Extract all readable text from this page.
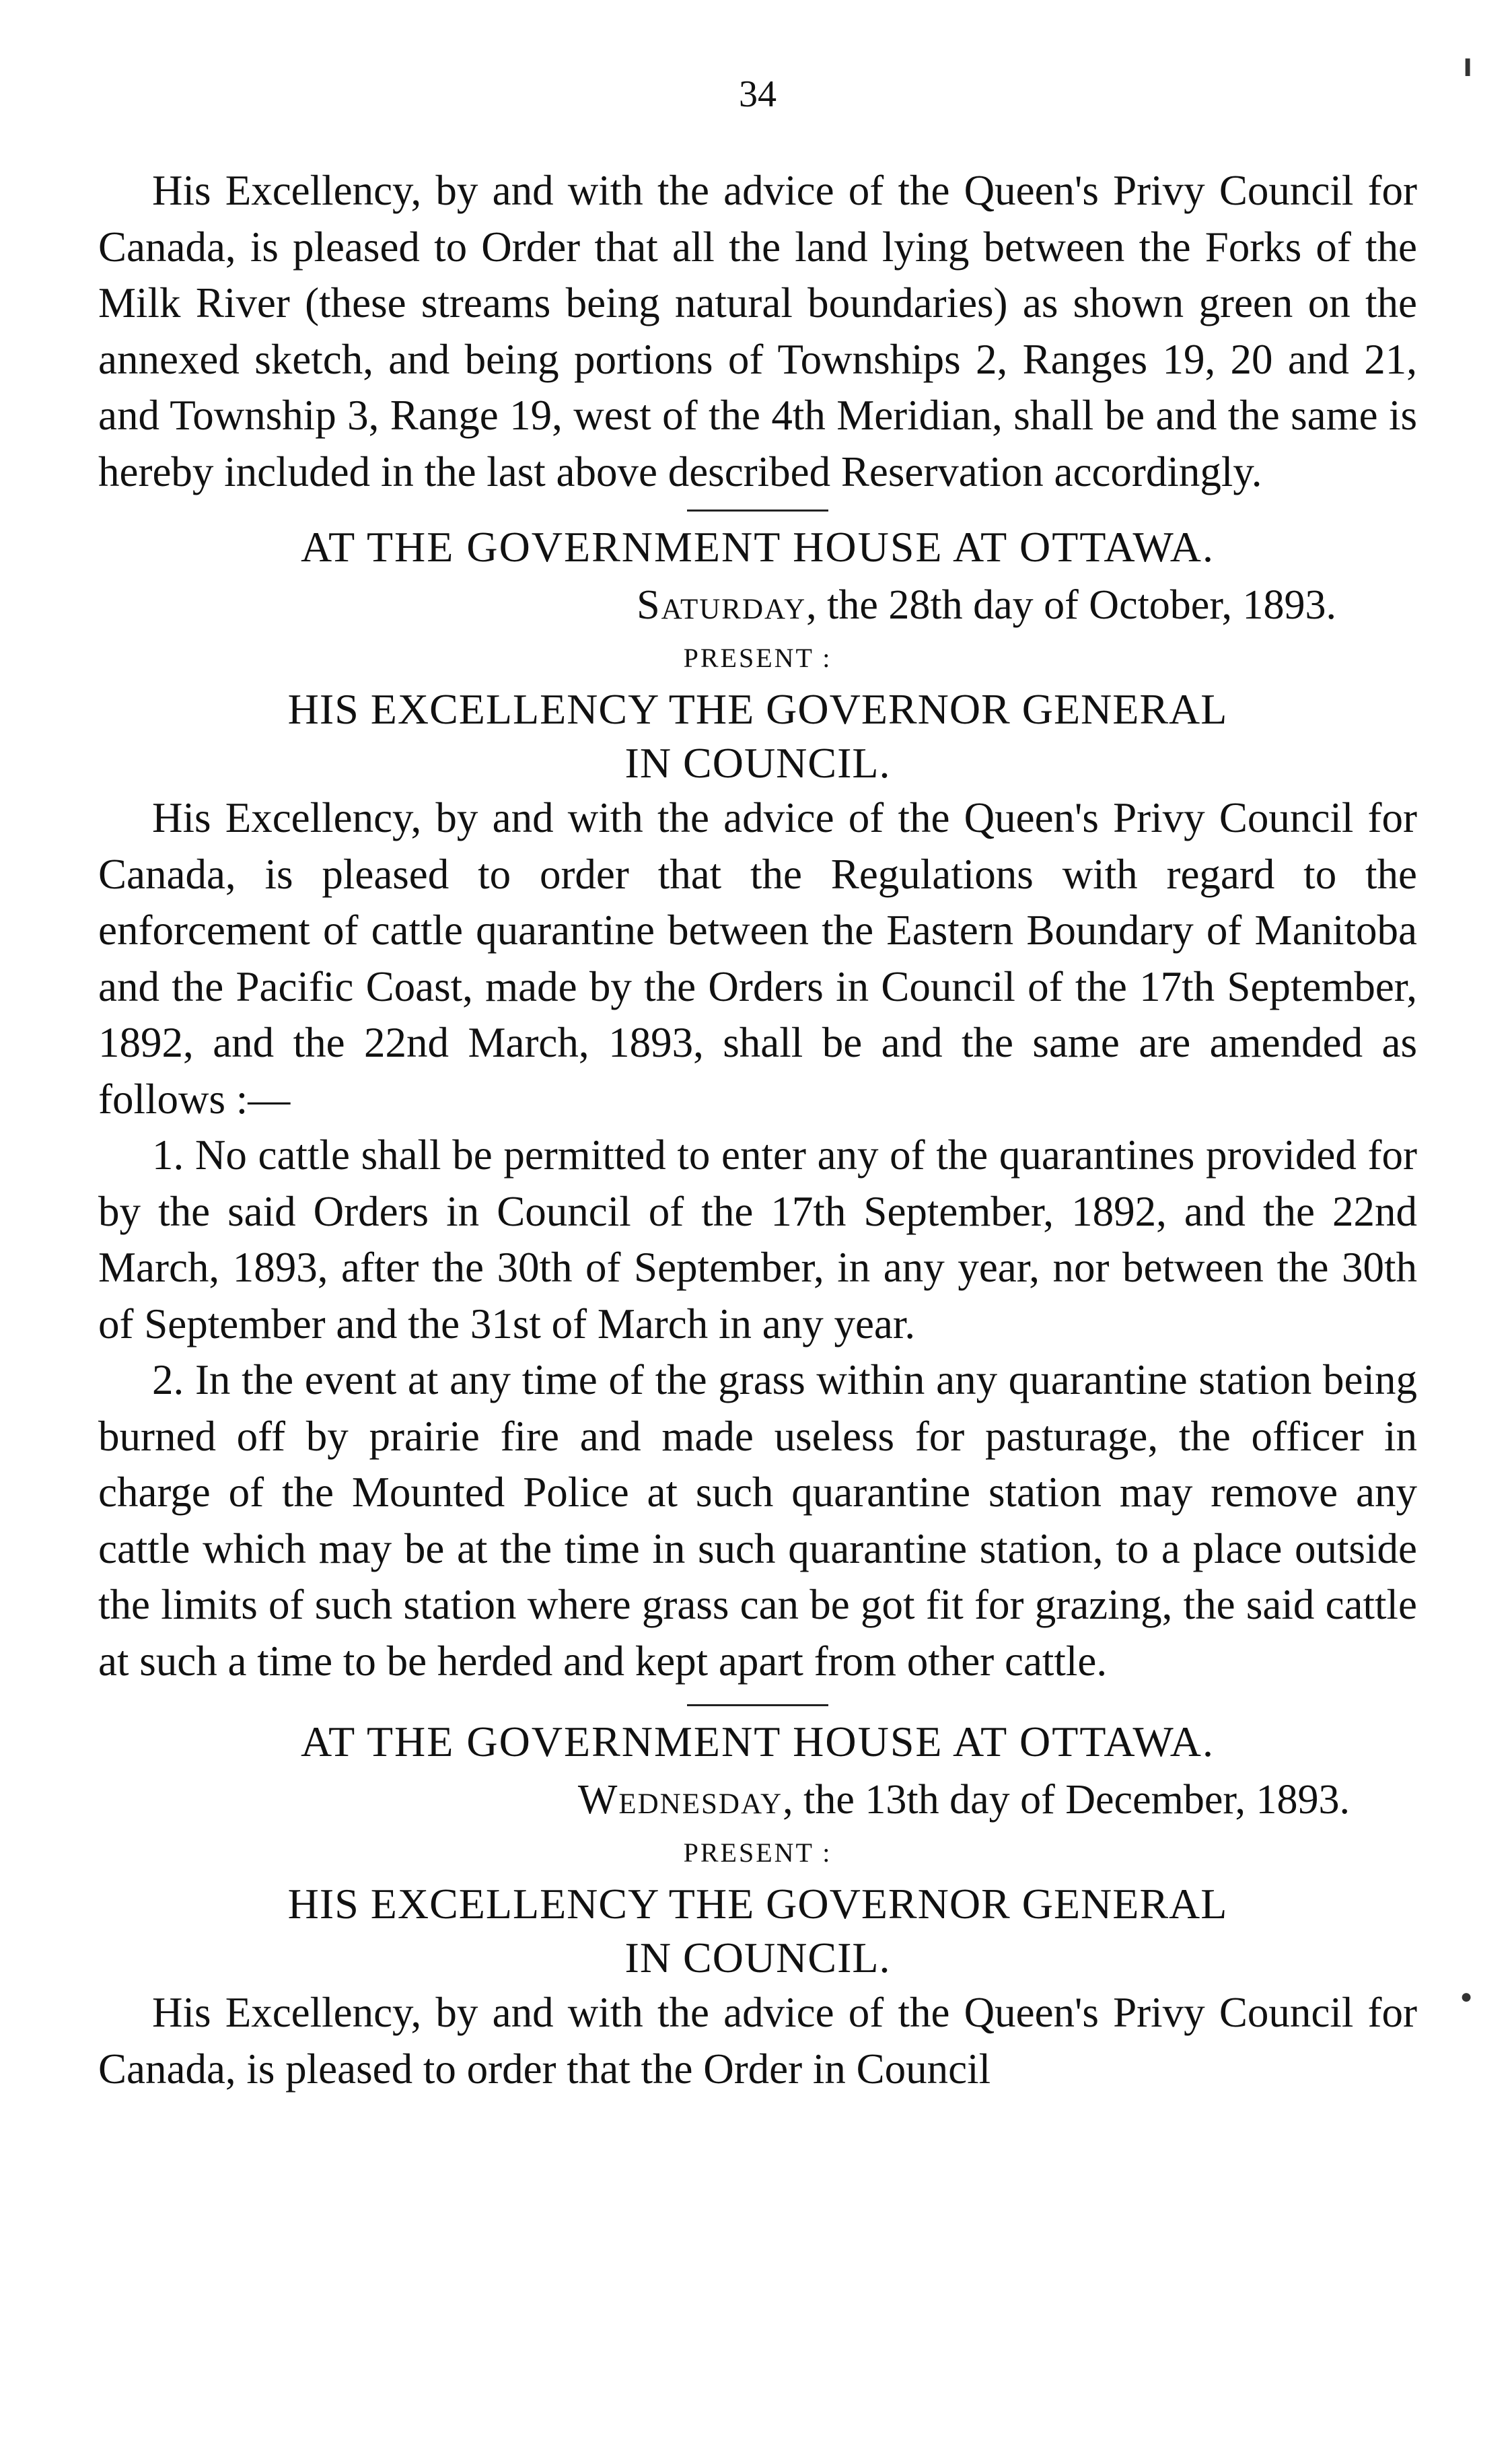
34

His Excellency, by and with the advice of the Queen's Privy Council for Canada, is pleased to Order that all the land lying between the Forks of the Milk River (these streams being natural boundaries) as shown green on the annexed sketch, and being portions of Townships 2, Ranges 19, 20 and 21, and Township 3, Range 19, west of the 4th Meridian, shall be and the same is hereby included in the last above described Reservation accordingly.

AT THE GOVERNMENT HOUSE AT OTTAWA.

Saturday, the 28th day of October, 1893.

PRESENT :

HIS EXCELLENCY THE GOVERNOR GENERAL

IN COUNCIL.

His Excellency, by and with the advice of the Queen's Privy Council for Canada, is pleased to order that the Regulations with regard to the enforcement of cattle quarantine between the Eastern Boundary of Manitoba and the Pacific Coast, made by the Orders in Council of the 17th September, 1892, and the 22nd March, 1893, shall be and the same are amended as follows :—

1. No cattle shall be permitted to enter any of the quarantines provided for by the said Orders in Council of the 17th September, 1892, and the 22nd March, 1893, after the 30th of September, in any year, nor between the 30th of September and the 31st of March in any year.

2. In the event at any time of the grass within any quarantine station being burned off by prairie fire and made useless for pasturage, the officer in charge of the Mounted Police at such quarantine station may remove any cattle which may be at the time in such quarantine station, to a place outside the limits of such station where grass can be got fit for grazing, the said cattle at such a time to be herded and kept apart from other cattle.

AT THE GOVERNMENT HOUSE AT OTTAWA.

Wednesday, the 13th day of December, 1893.

PRESENT :

HIS EXCELLENCY THE GOVERNOR GENERAL

IN COUNCIL.

His Excellency, by and with the advice of the Queen's Privy Council for Canada, is pleased to order that the Order in Council

╹
●
